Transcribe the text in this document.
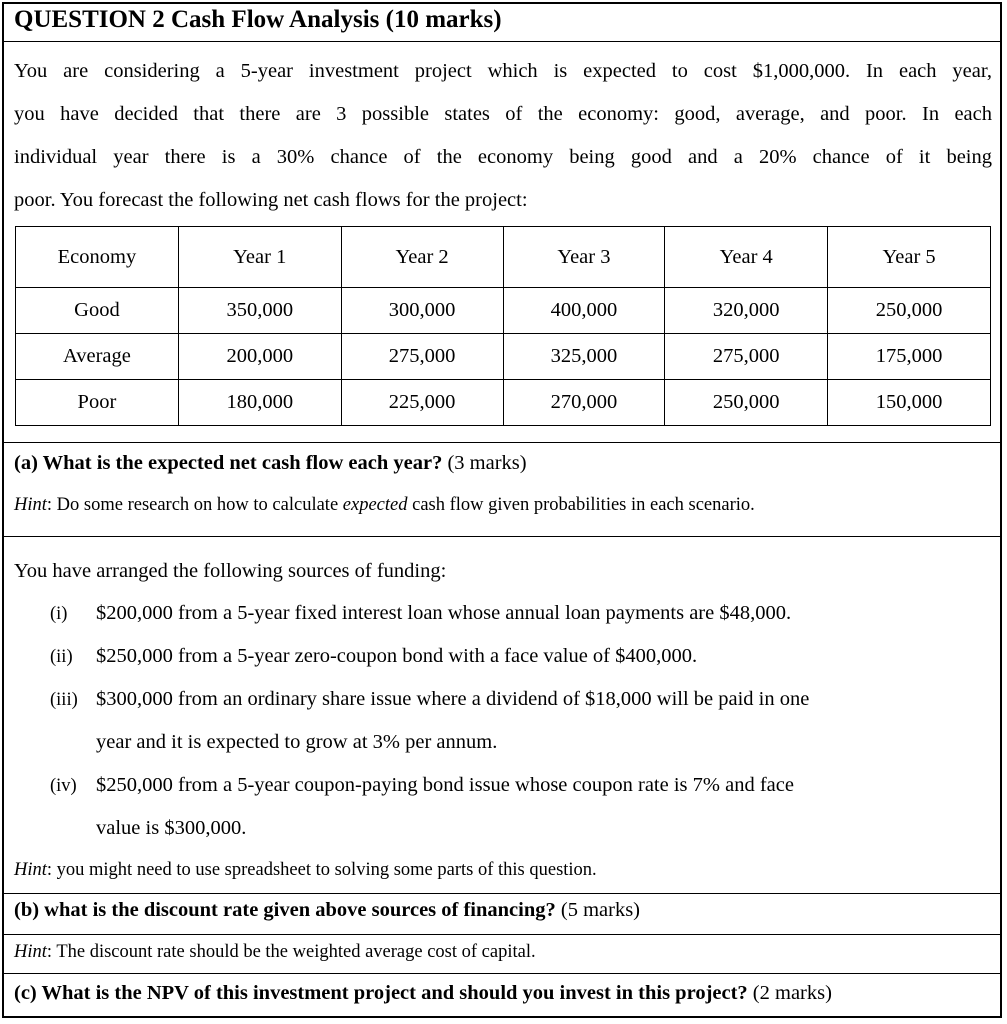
QUESTION 2 Cash Flow Analysis (10 marks)

You are considering a 5-year investment project which is expected to cost $1,000,000. In each year,
you have decided that there are 3 possible states of the economy: good, average, and poor. In each
individual year there is a 30% chance of the economy being good and a 20% chance of it being
poor. You forecast the following net cash flows for the project:

Economy	Year 1	Year 2	Year 3	Year 4	Year 5
Good	350,000	300,000	400,000	320,000	250,000
Average	200,000	275,000	325,000	275,000	175,000
Poor	180,000	225,000	270,000	250,000	150,000

(a) What is the expected net cash flow each year? (3 marks)

Hint: Do some research on how to calculate expected cash flow given probabilities in each scenario.

You have arranged the following sources of funding:

(i) $200,000 from a 5-year fixed interest loan whose annual loan payments are $48,000.

(ii) $250,000 from a 5-year zero-coupon bond with a face value of $400,000.

(iii) $300,000 from an ordinary share issue where a dividend of $18,000 will be paid in one

year and it is expected to grow at 3% per annum.

(iv) $250,000 from a 5-year coupon-paying bond issue whose coupon rate is 7% and face

value is $300,000.

Hint: you might need to use spreadsheet to solving some parts of this question.

(b) what is the discount rate given above sources of financing? (5 marks)

Hint: The discount rate should be the weighted average cost of capital.

(c) What is the NPV of this investment project and should you invest in this project? (2 marks)
